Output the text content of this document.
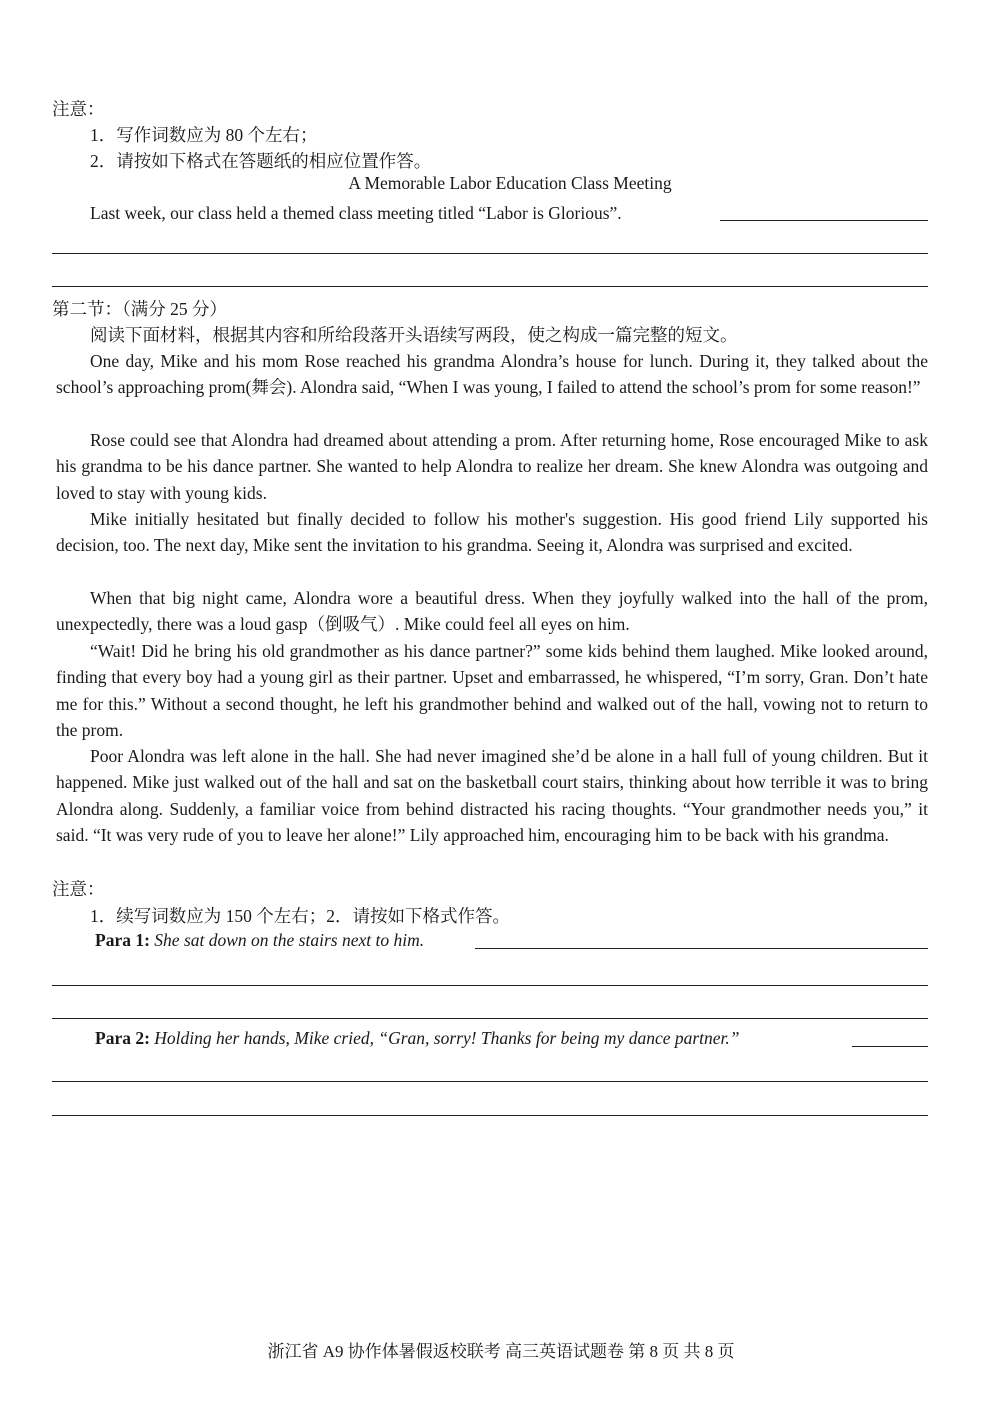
注意：
1．写作词数应为 80 个左右；
2．请按如下格式在答题纸的相应位置作答。
A Memorable Labor Education Class Meeting
Last week, our class held a themed class meeting titled “Labor is Glorious”.
第二节：（满分 25 分）
阅读下面材料，根据其内容和所给段落开头语续写两段，使之构成一篇完整的短文。

One day, Mike and his mom Rose reached his grandma Alondra’s house for lunch. During it, they talked about the school’s approaching prom(舞会). Alondra said, “When I was young, I failed to attend the school’s prom for some reason!”

Rose could see that Alondra had dreamed about attending a prom. After returning home, Rose encouraged Mike to ask his grandma to be his dance partner. She wanted to help Alondra to realize her dream. She knew Alondra was outgoing and loved to stay with young kids.

Mike initially hesitated but finally decided to follow his mother's suggestion. His good friend Lily supported his decision, too. The next day, Mike sent the invitation to his grandma. Seeing it, Alondra was surprised and excited.

When that big night came, Alondra wore a beautiful dress. When they joyfully walked into the hall of the prom, unexpectedly, there was a loud gasp（倒吸气）. Mike could feel all eyes on him.

“Wait! Did he bring his old grandmother as his dance partner?” some kids behind them laughed. Mike looked around, finding that every boy had a young girl as their partner. Upset and embarrassed, he whispered, “I’m sorry, Gran. Don’t hate me for this.” Without a second thought, he left his grandmother behind and walked out of the hall, vowing not to return to the prom.

Poor Alondra was left alone in the hall. She had never imagined she’d be alone in a hall full of young children. But it happened. Mike just walked out of the hall and sat on the basketball court stairs, thinking about how terrible it was to bring Alondra along. Suddenly, a familiar voice from behind distracted his racing thoughts. “Your grandmother needs you,” it said. “It was very rude of you to leave her alone!” Lily approached him, encouraging him to be back with his grandma.

注意：
1．续写词数应为 150 个左右；2．请按如下格式作答。
Para 1: She sat down on the stairs next to him.
Para 2: Holding her hands, Mike cried, “Gran, sorry! Thanks for being my dance partner.”
浙江省 A9 协作体暑假返校联考 高三英语试题卷 第 8 页 共 8 页
